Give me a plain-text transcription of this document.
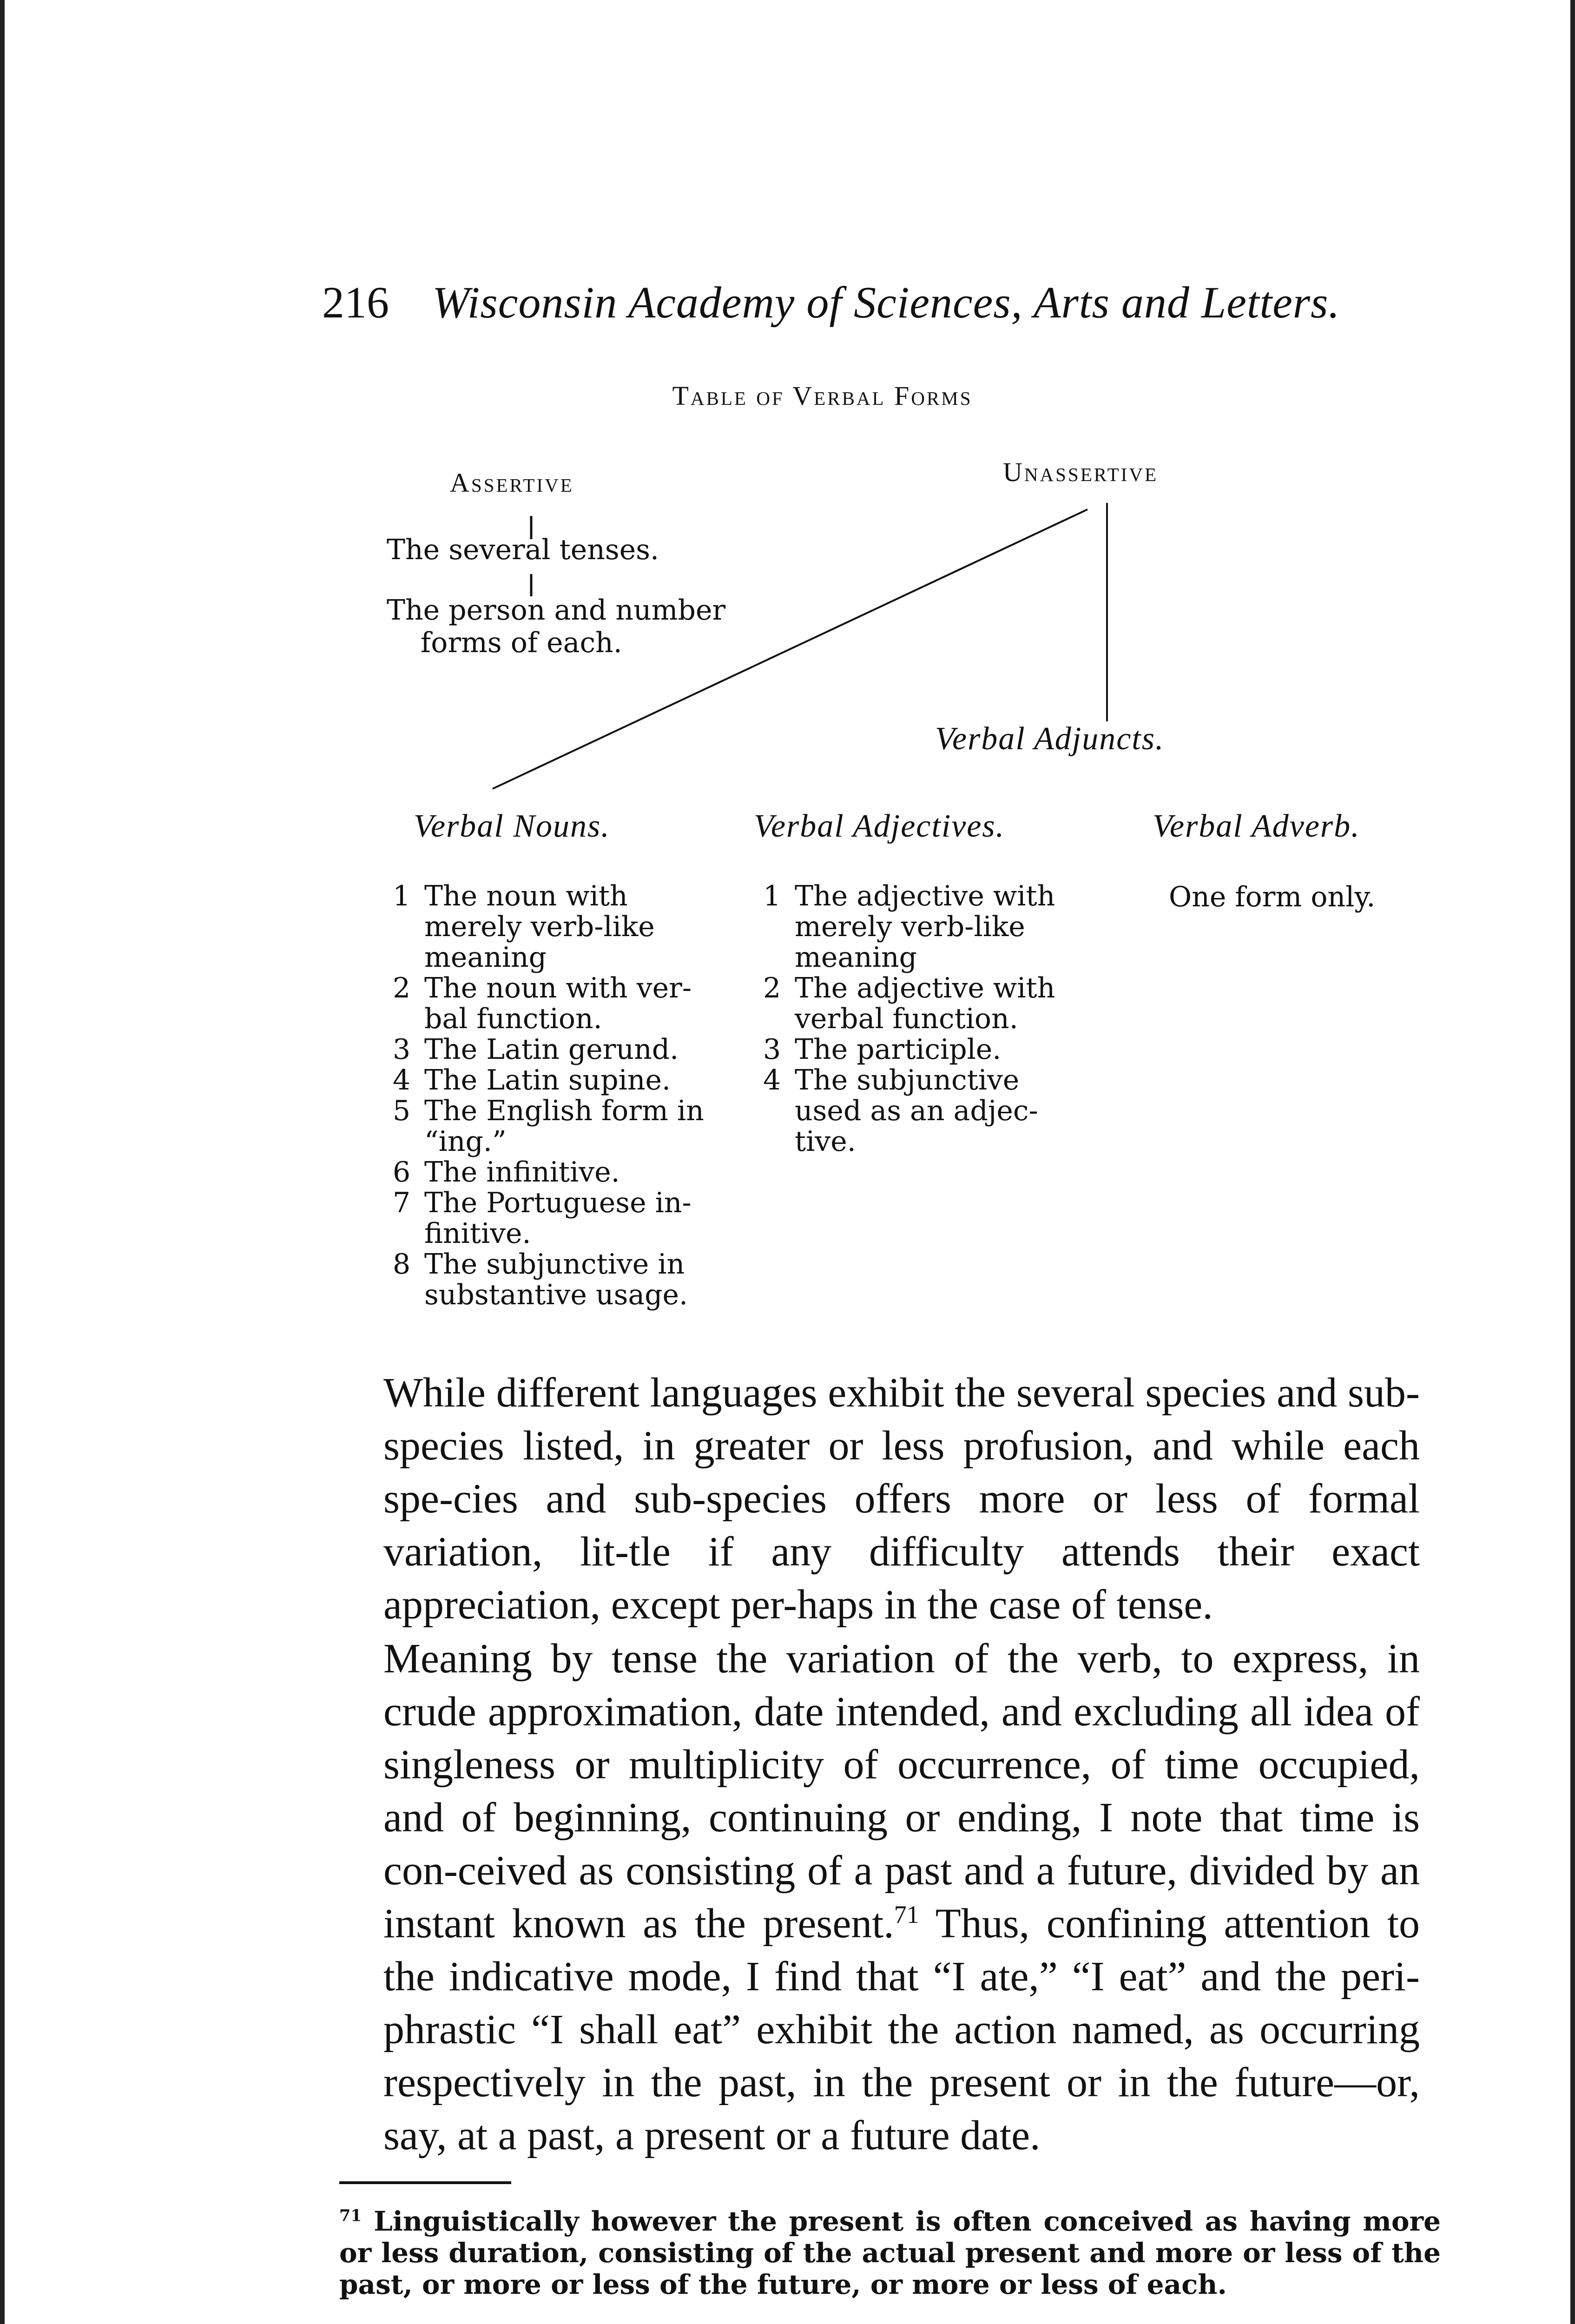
216 Wisconsin Academy of Sciences, Arts and Letters.
Table of Verbal Forms
Assertive
The several tenses.
The person and number
forms of each.
Unassertive
Verbal Adjuncts.
Verbal Nouns.	Verbal Adjectives.	Verbal Adverb.
1 The noun with
merely verb-like
meaning
2 The noun with ver-
bal function.
3 The Latin gerund.
4 The Latin supine.
5 The English form in
“ing.”
6 The infinitive.
7 The Portuguese in-
finitive.
8 The subjunctive in
substantive usage.
1 The adjective with
merely verb-like
meaning
2 The adjective with
verbal function.
3 The participle.
4 The subjunctive
used as an adjec-
tive.
One form only.

While different languages exhibit the several species and sub-species listed, in greater or less profusion, and while each spe-cies and sub-species offers more or less of formal variation, lit-tle if any difficulty attends their exact appreciation, except per-haps in the case of tense.

Meaning by tense the variation of the verb, to express, in crude approximation, date intended, and excluding all idea of singleness or multiplicity of occurrence, of time occupied, and of beginning, continuing or ending, I note that time is con-ceived as consisting of a past and a future, divided by an instant known as the present.$^{71}$ Thus, confining attention to the indicative mode, I find that “I ate,” “I eat” and the peri-phrastic “I shall eat” exhibit the action named, as occurring respectively in the past, in the present or in the future—or, say, at a past, a present or a future date.

$^{71}$ Linguistically however the present is often conceived as having more or less duration, consisting of the actual present and more or less of the past, or more or less of the future, or more or less of each.
